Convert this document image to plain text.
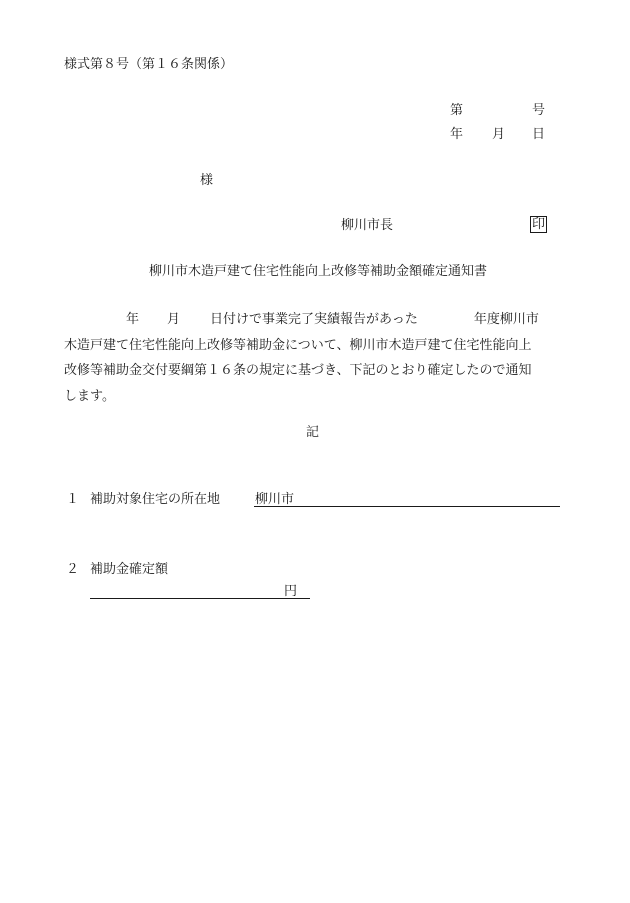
様式第８号（第１６条関係）
第	号
年 月 日
様
柳川市長	印
柳川市木造戸建て住宅性能向上改修等補助金額確定通知書
年 月 日付けで事業完了実績報告があった	年度柳川市
木造戸建て住宅性能向上改修等補助金について、柳川市木造戸建て住宅性能向上
改修等補助金交付要綱第１６条の規定に基づき、下記のとおり確定したので通知
します。
記
１ 補助対象住宅の所在地	柳川市
２ 補助金確定額
円
